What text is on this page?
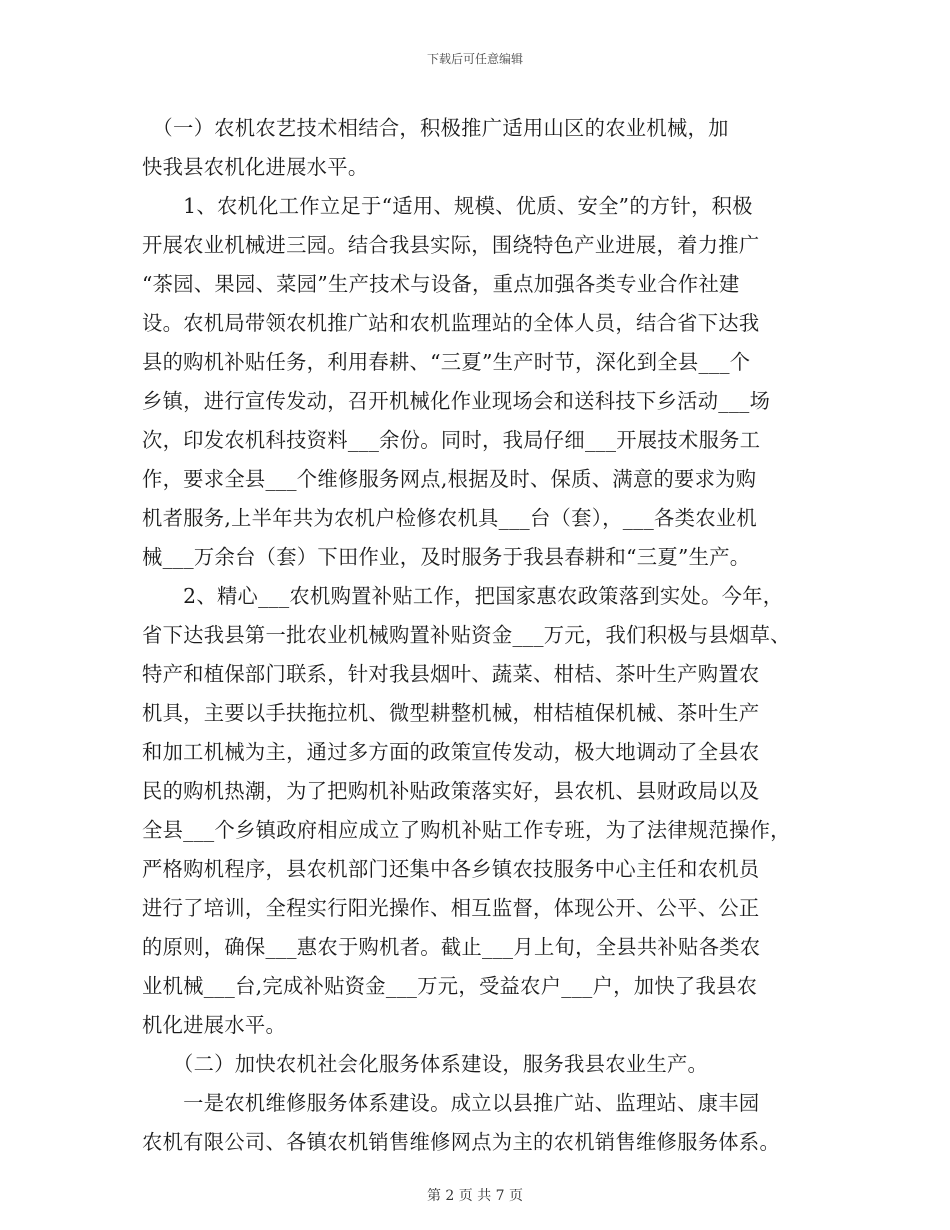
下载后可任意编辑
　（一）农机农艺技术相结合，积极推广适用山区的农业机械，加
快我县农机化进展水平。
　　1、农机化工作立足于“适用、规模、优质、安全”的方针，积极
开展农业机械进三园。结合我县实际，围绕特色产业进展，着力推广
“茶园、果园、菜园”生产技术与设备，重点加强各类专业合作社建
设。农机局带领农机推广站和农机监理站的全体人员，结合省下达我
县的购机补贴任务，利用春耕、“三夏”生产时节，深化到全县___个
乡镇，进行宣传发动，召开机械化作业现场会和送科技下乡活动___场
次，印发农机科技资料___余份。同时，我局仔细___开展技术服务工
作，要求全县___个维修服务网点,根据及时、保质、满意的要求为购
机者服务,上半年共为农机户检修农机具___台（套），___各类农业机
械___万余台（套）下田作业，及时服务于我县春耕和“三夏”生产。
　　2、精心___农机购置补贴工作，把国家惠农政策落到实处。今年，
省下达我县第一批农业机械购置补贴资金___万元，我们积极与县烟草、
特产和植保部门联系，针对我县烟叶、蔬菜、柑桔、茶叶生产购置农
机具，主要以手扶拖拉机、微型耕整机械，柑桔植保机械、茶叶生产
和加工机械为主，通过多方面的政策宣传发动，极大地调动了全县农
民的购机热潮，为了把购机补贴政策落实好，县农机、县财政局以及
全县___个乡镇政府相应成立了购机补贴工作专班，为了法律规范操作，
严格购机程序，县农机部门还集中各乡镇农技服务中心主任和农机员
进行了培训，全程实行阳光操作、相互监督，体现公开、公平、公正
的原则，确保___惠农于购机者。截止___月上旬，全县共补贴各类农
业机械___台,完成补贴资金___万元，受益农户___户，加快了我县农
机化进展水平。
　　（二）加快农机社会化服务体系建设，服务我县农业生产。
　　一是农机维修服务体系建设。成立以县推广站、监理站、康丰园
农机有限公司、各镇农机销售维修网点为主的农机销售维修服务体系。
第 2 页 共 7 页
